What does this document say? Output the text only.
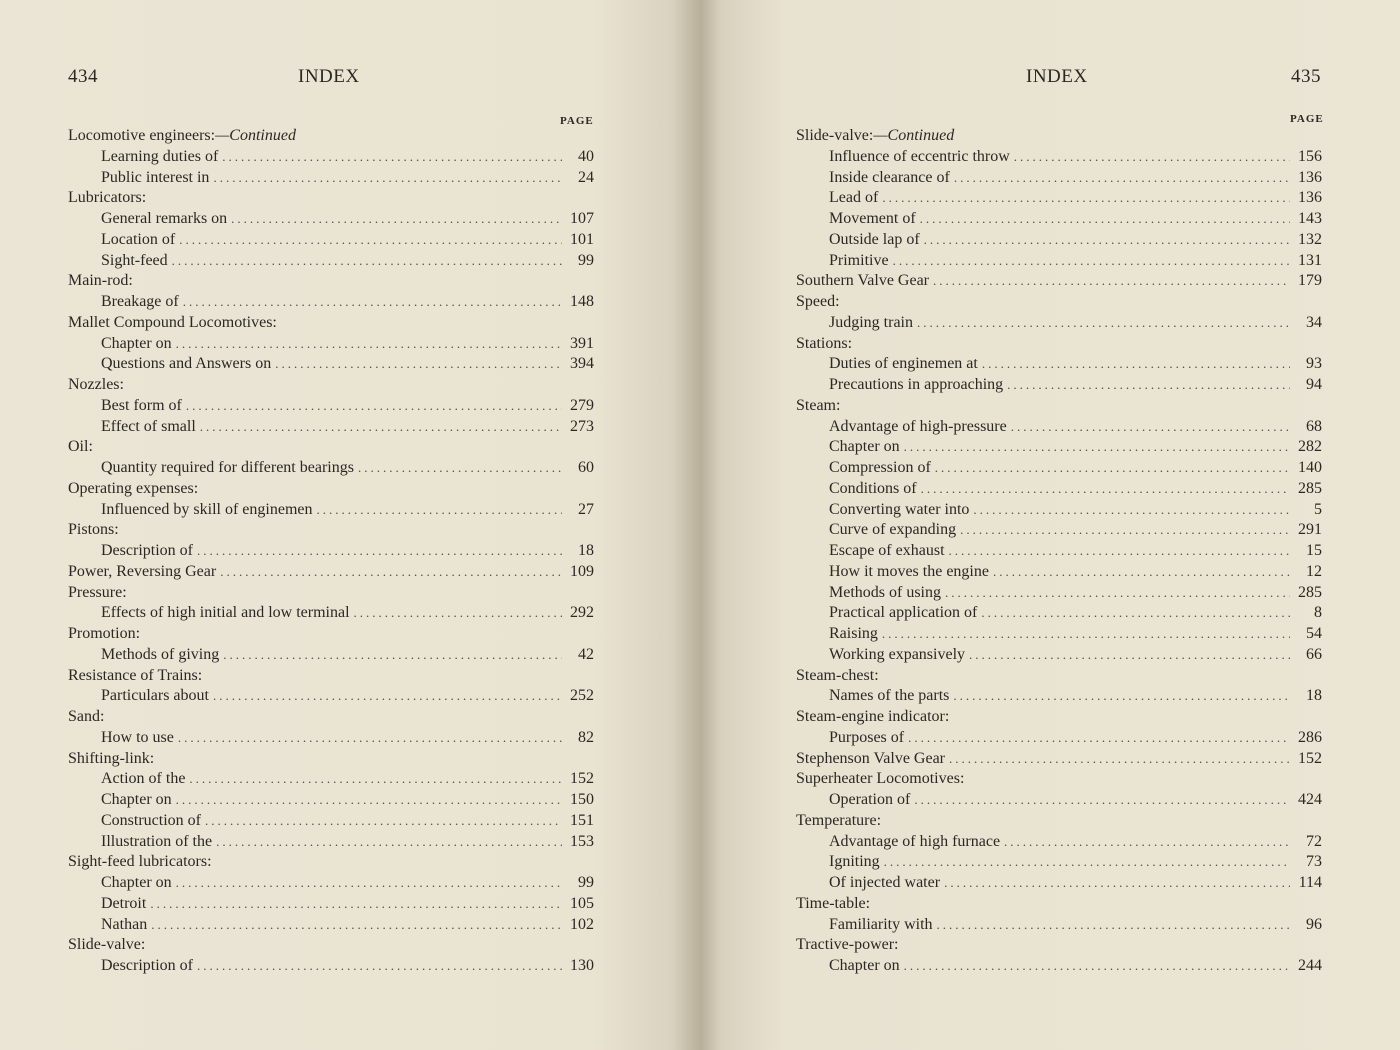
434	INDEX
PAGE
Locomotive engineers: —Continued
Learning duties of .....	40
Public interest in .....	24
Lubricators:
General remarks on .....	107
Location of .....	101
Sight-feed .....	99
Main-rod:
Breakage of .....	148
Mallet Compound Locomotives:
Chapter on .....	391
Questions and Answers on .....	394
Nozzles:
Best form of .....	279
Effect of small .....	273
Oil:
Quantity required for different bearings .....	60
Operating expenses:
Influenced by skill of enginemen .....	27
Pistons:
Description of .....	18
Power, Reversing Gear .....	109
Pressure:
Effects of high initial and low terminal .....	292
Promotion:
Methods of giving .....	42
Resistance of Trains:
Particulars about .....	252
Sand:
How to use .....	82
Shifting-link:
Action of the .....	152
Chapter on .....	150
Construction of .....	151
Illustration of the .....	153
Sight-feed lubricators:
Chapter on .....	99
Detroit .....	105
Nathan .....	102
Slide-valve:
Description of .....	130
INDEX	435
PAGE
Slide-valve: —Continued
Influence of eccentric throw .....	156
Inside clearance of .....	136
Lead of .....	136
Movement of .....	143
Outside lap of .....	132
Primitive .....	131
Southern Valve Gear .....	179
Speed:
Judging train .....	34
Stations:
Duties of enginemen at .....	93
Precautions in approaching .....	94
Steam:
Advantage of high-pressure .....	68
Chapter on .....	282
Compression of .....	140
Conditions of .....	285
Converting water into .....	5
Curve of expanding .....	291
Escape of exhaust .....	15
How it moves the engine .....	12
Methods of using .....	285
Practical application of .....	8
Raising .....	54
Working expansively .....	66
Steam-chest:
Names of the parts .....	18
Steam-engine indicator:
Purposes of .....	286
Stephenson Valve Gear .....	152
Superheater Locomotives:
Operation of .....	424
Temperature:
Advantage of high furnace .....	72
Igniting .....	73
Of injected water .....	114
Time-table:
Familiarity with .....	96
Tractive-power:
Chapter on .....	244
